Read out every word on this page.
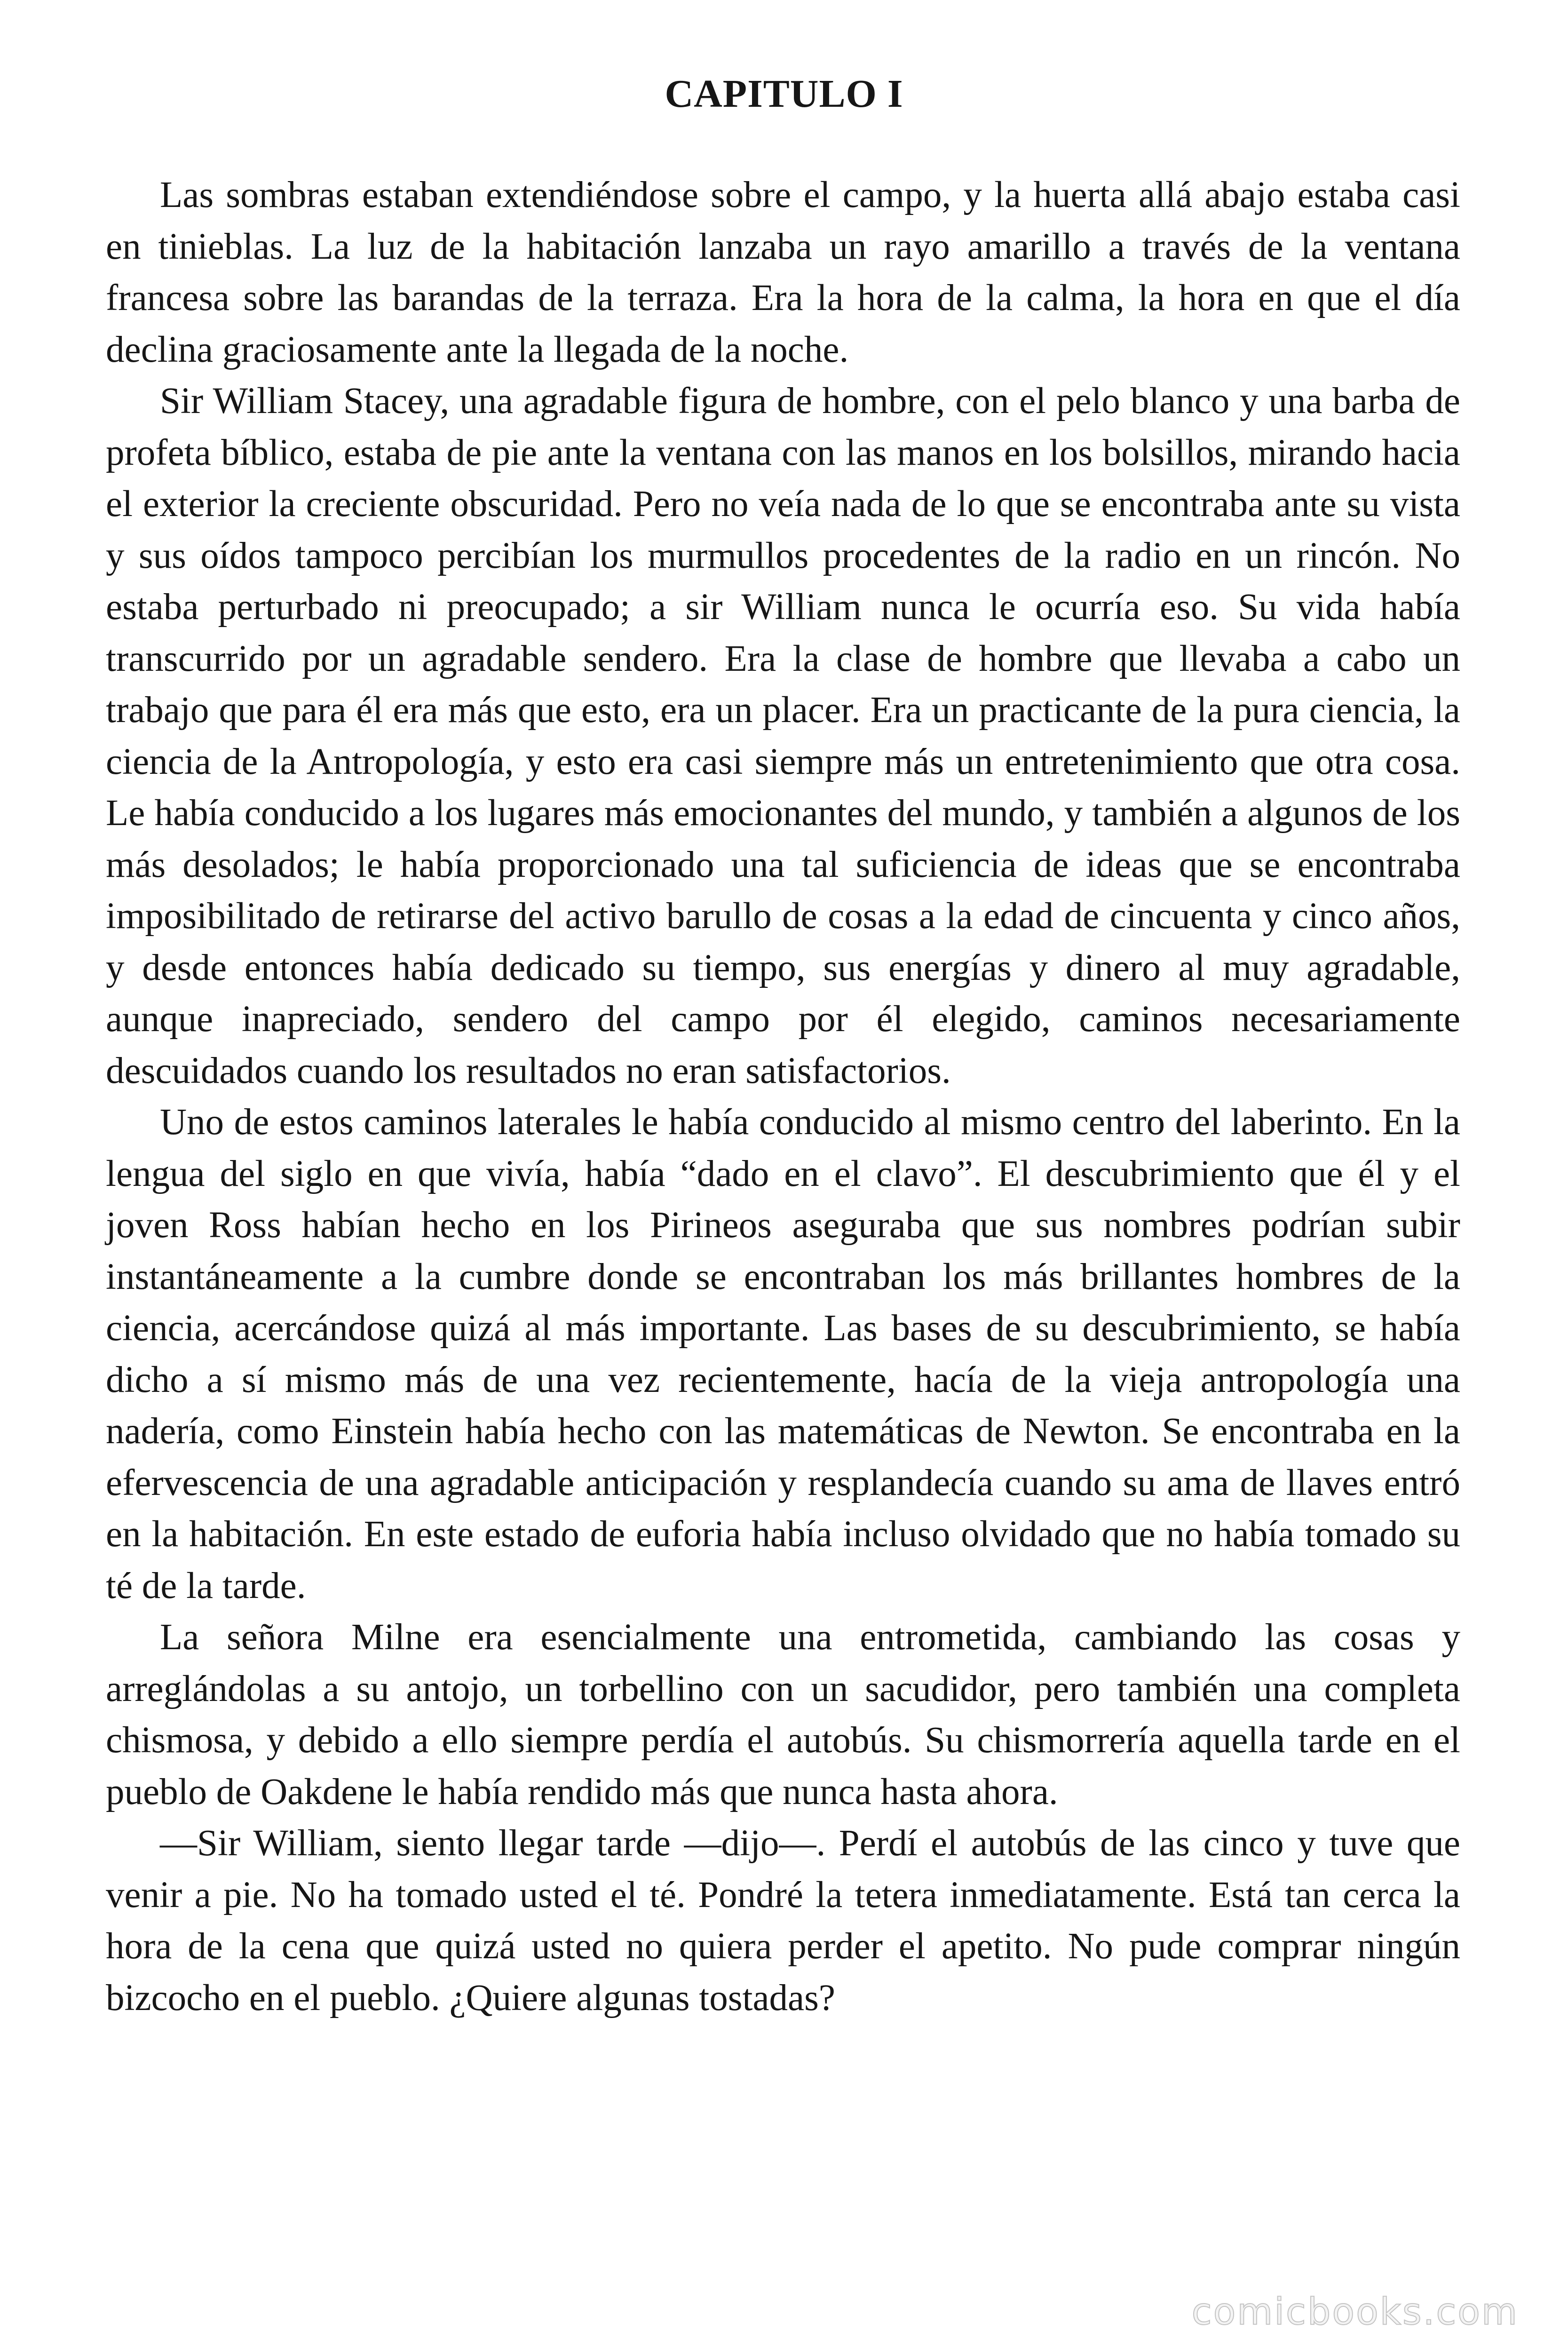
CAPITULO I

Las sombras estaban extendiéndose sobre el campo, y la huerta allá abajo estaba casi en tinieblas. La luz de la habitación lanzaba un rayo amarillo a través de la ventana francesa sobre las barandas de la terraza. Era la hora de la calma, la hora en que el día declina graciosamente ante la llegada de la noche.

Sir William Stacey, una agradable figura de hombre, con el pelo blanco y una barba de profeta bíblico, estaba de pie ante la ventana con las manos en los bolsillos, mirando hacia el exterior la creciente obscuridad. Pero no veía nada de lo que se encontraba ante su vista y sus oídos tampoco percibían los murmullos procedentes de la radio en un rincón. No estaba perturbado ni preocupado; a sir William nunca le ocurría eso. Su vida había transcurrido por un agradable sendero. Era la clase de hombre que llevaba a cabo un trabajo que para él era más que esto, era un placer. Era un practicante de la pura ciencia, la ciencia de la Antropología, y esto era casi siempre más un entretenimiento que otra cosa. Le había conducido a los lugares más emocionantes del mundo, y también a algunos de los más desolados; le había proporcionado una tal suficiencia de ideas que se encontraba imposibilitado de retirarse del activo barullo de cosas a la edad de cincuenta y cinco años, y desde entonces había dedicado su tiempo, sus energías y dinero al muy agradable, aunque inapreciado, sendero del campo por él elegido, caminos necesariamente descuidados cuando los resultados no eran satisfactorios.

Uno de estos caminos laterales le había conducido al mismo centro del laberinto. En la lengua del siglo en que vivía, había “dado en el clavo”. El descubrimiento que él y el joven Ross habían hecho en los Pirineos aseguraba que sus nombres podrían subir instantáneamente a la cumbre donde se encontraban los más brillantes hombres de la ciencia, acercándose quizá al más importante. Las bases de su descubrimiento, se había dicho a sí mismo más de una vez recientemente, hacía de la vieja antropología una nadería, como Einstein había hecho con las matemáticas de Newton. Se encontraba en la efervescencia de una agradable anticipación y resplandecía cuando su ama de llaves entró en la habitación. En este estado de euforia había incluso olvidado que no había tomado su té de la tarde.

La señora Milne era esencialmente una entrometida, cambiando las cosas y arreglándolas a su antojo, un torbellino con un sacudidor, pero también una completa chismosa, y debido a ello siempre perdía el autobús. Su chismorrería aquella tarde en el pueblo de Oakdene le había rendido más que nunca hasta ahora.

—Sir William, siento llegar tarde —dijo—. Perdí el autobús de las cinco y tuve que venir a pie. No ha tomado usted el té. Pondré la tetera inmediatamente. Está tan cerca la hora de la cena que quizá usted no quiera perder el apetito. No pude comprar ningún bizcocho en el pueblo. ¿Quiere algunas tostadas?

comicbooks.com
